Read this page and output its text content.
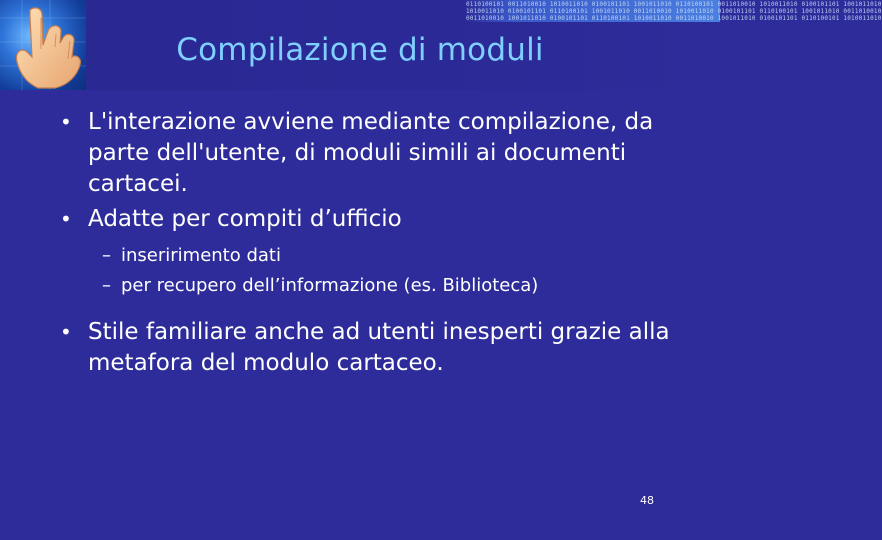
0110100101 0011010010 1010011010 0100101101 1001011010 0110100101 0011010010 1010011010 0100101101 1001011010
1010011010 0100101101 0110100101 1001011010 0011010010 1010011010 0100101101 0110100101 1001011010 0011010010
0011010010 1001011010 0100101101 0110100101 1010011010 0011010010 1001011010 0100101101 0110100101 1010011010
Compilazione di moduli
• L'interazione avviene mediante compilazione, da parte dell'utente, di moduli simili ai documenti cartacei.
• Adatte per compiti d’ufficio
– inseririmento dati
– per recupero dell’informazione (es. Biblioteca)
• Stile familiare anche ad utenti inesperti grazie alla metafora del modulo cartaceo.
48
